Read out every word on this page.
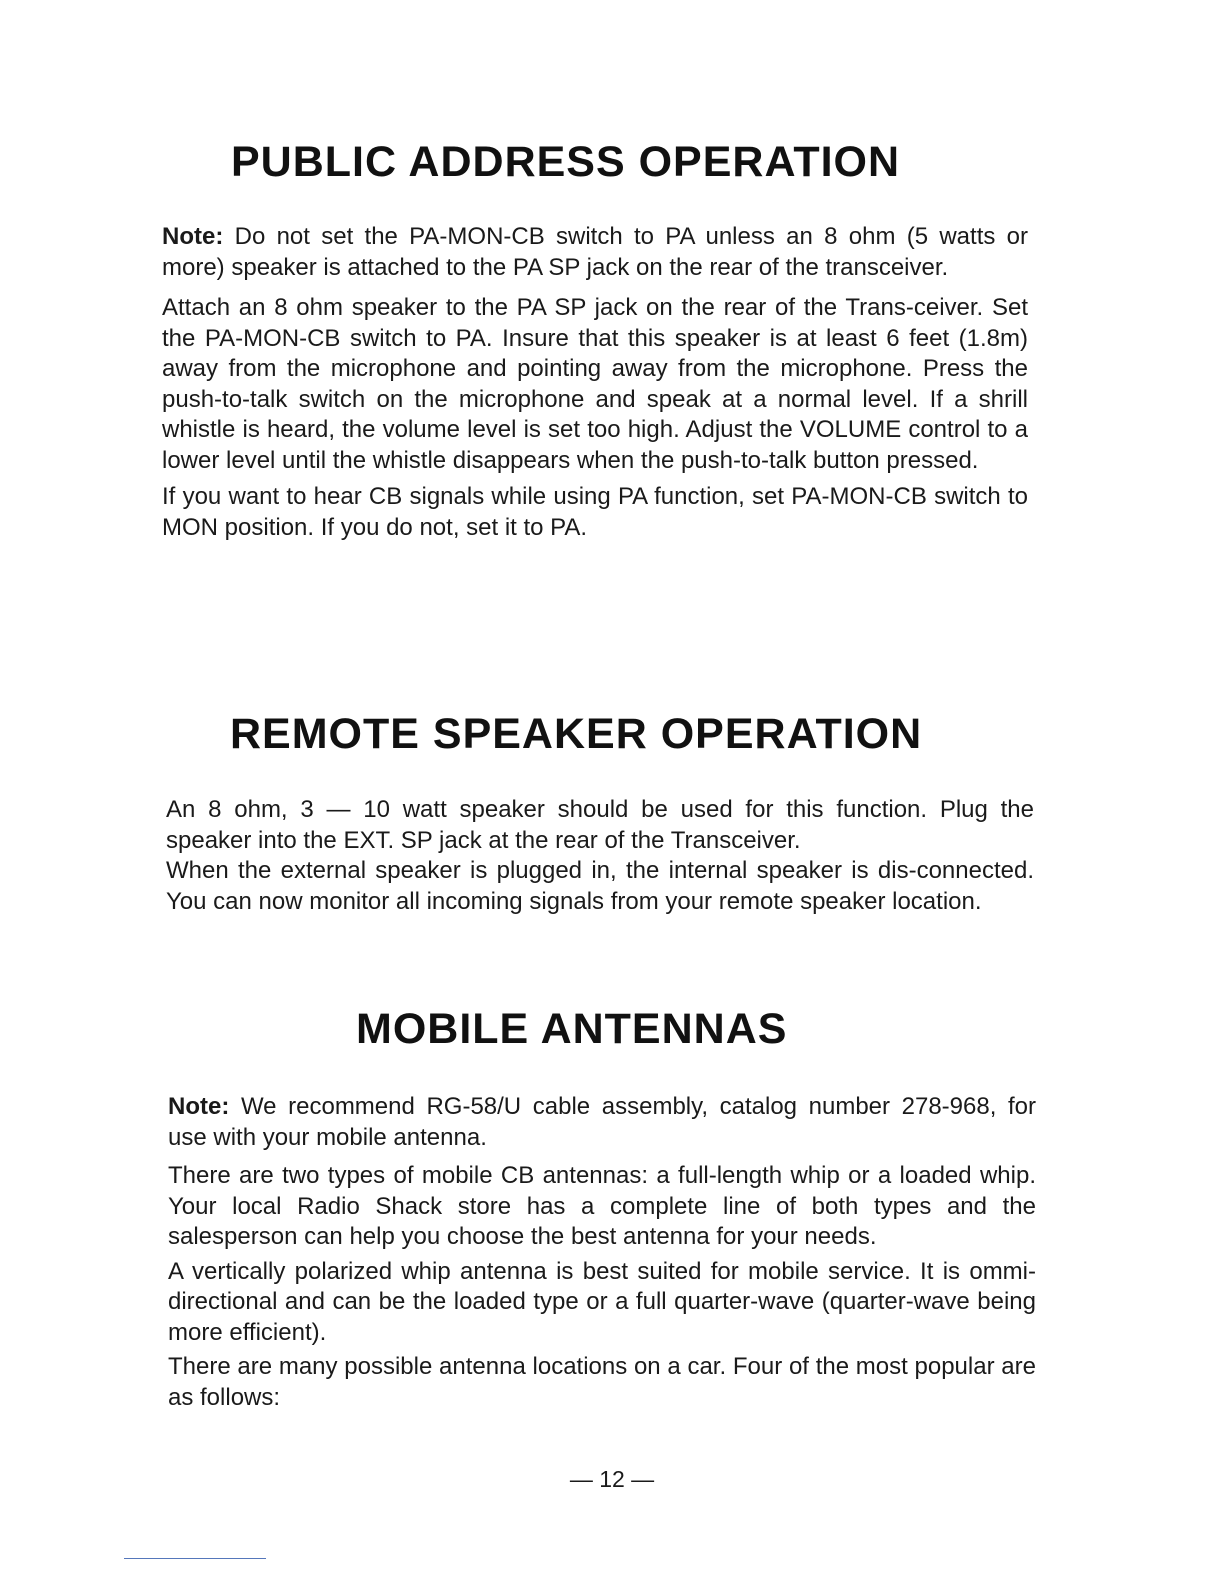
PUBLIC ADDRESS OPERATION

Note: Do not set the PA-MON-CB switch to PA unless an 8 ohm (5 watts or more) speaker is attached to the PA SP jack on the rear of the transceiver.

Attach an 8 ohm speaker to the PA SP jack on the rear of the Trans-ceiver. Set the PA-MON-CB switch to PA. Insure that this speaker is at least 6 feet (1.8m) away from the microphone and pointing away from the microphone. Press the push-to-talk switch on the microphone and speak at a normal level. If a shrill whistle is heard, the volume level is set too high. Adjust the VOLUME control to a lower level until the whistle disappears when the push-to-talk button pressed.

If you want to hear CB signals while using PA function, set PA-MON-CB switch to MON position. If you do not, set it to PA.

REMOTE SPEAKER OPERATION

An 8 ohm, 3 — 10 watt speaker should be used for this function. Plug the speaker into the EXT. SP jack at the rear of the Transceiver.

When the external speaker is plugged in, the internal speaker is dis-connected. You can now monitor all incoming signals from your remote speaker location.

MOBILE ANTENNAS

Note: We recommend RG-58/U cable assembly, catalog number 278-968, for use with your mobile antenna.

There are two types of mobile CB antennas: a full-length whip or a loaded whip. Your local Radio Shack store has a complete line of both types and the salesperson can help you choose the best antenna for your needs.

A vertically polarized whip antenna is best suited for mobile service. It is ommi-directional and can be the loaded type or a full quarter-wave (quarter-wave being more efficient).

There are many possible antenna locations on a car. Four of the most popular are as follows:

— 12 —
